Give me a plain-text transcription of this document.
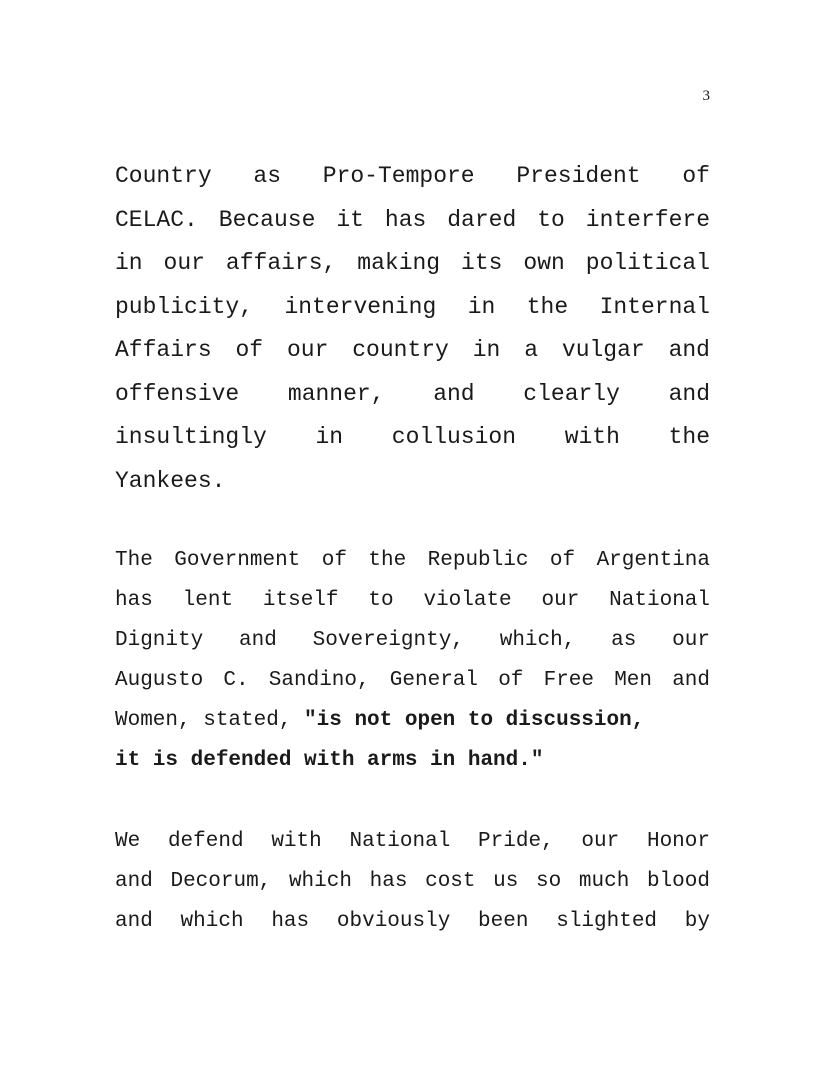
3
Country as Pro-Tempore President of
CELAC. Because it has dared to interfere
in our affairs, making its own political
publicity, intervening in the Internal
Affairs of our country in a vulgar and
offensive manner, and clearly and
insultingly in collusion with the
Yankees.
The Government of the Republic of Argentina
has lent itself to violate our National
Dignity and Sovereignty, which, as our
Augusto C. Sandino, General of Free Men and
Women, stated, "is not open to discussion,
it is defended with arms in hand."
We defend with National Pride, our Honor
and Decorum, which has cost us so much blood
and which has obviously been slighted by
